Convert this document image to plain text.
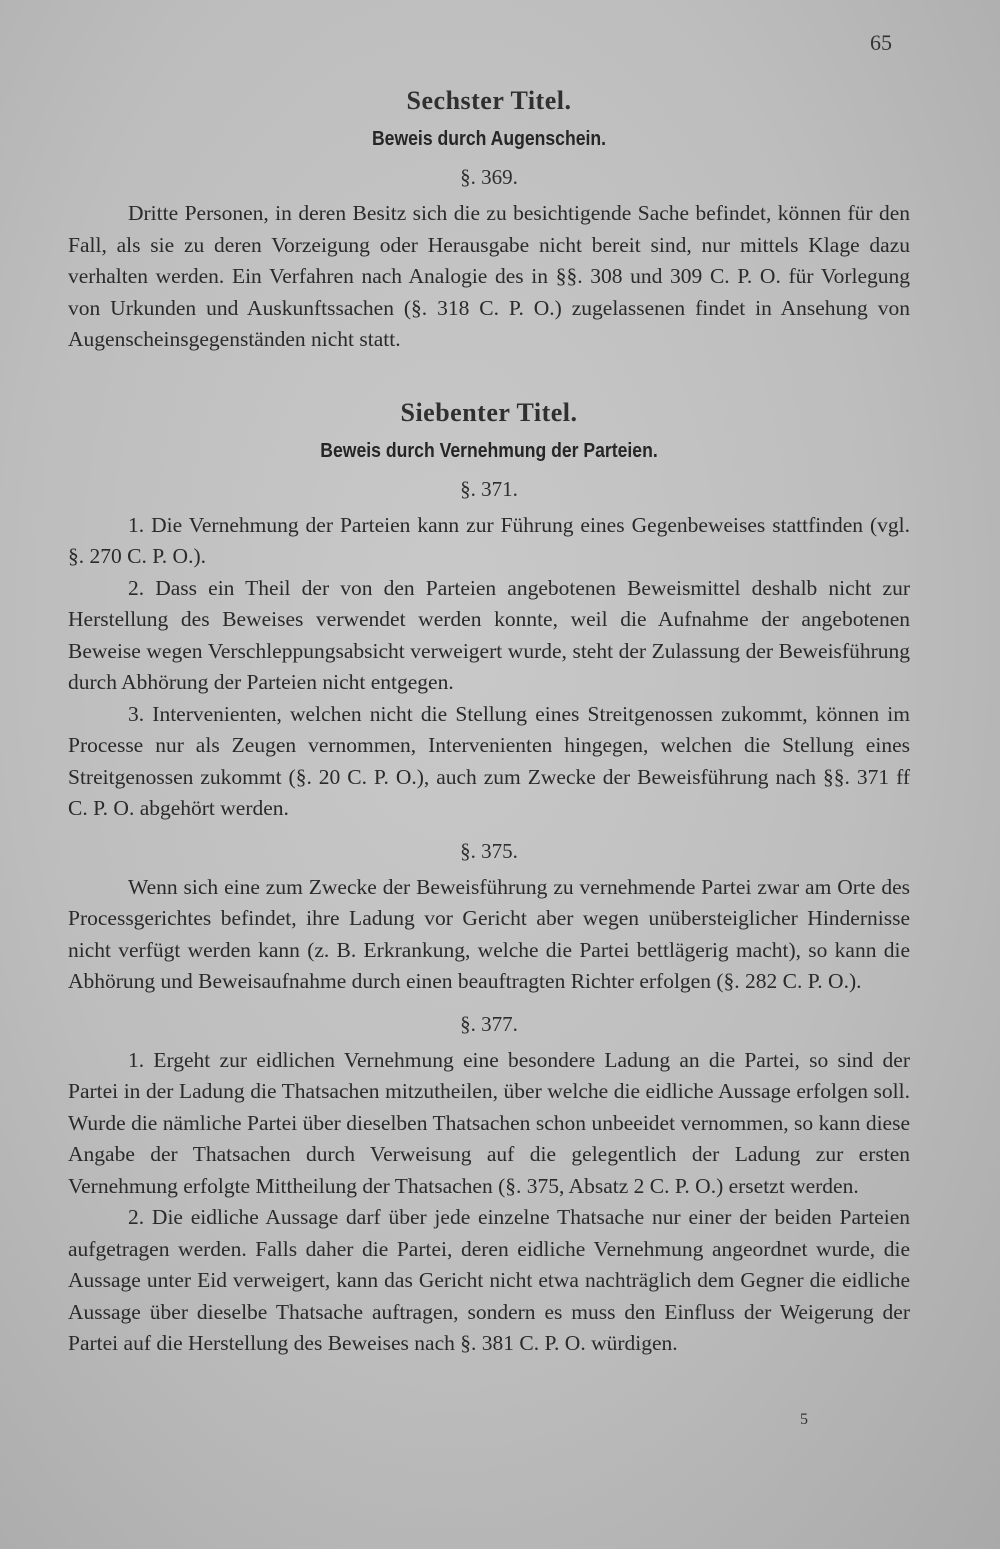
65
Sechster Titel.
Beweis durch Augenschein.
§. 369.

Dritte Personen, in deren Besitz sich die zu besichtigende Sache befindet, können für den Fall, als sie zu deren Vorzeigung oder Herausgabe nicht bereit sind, nur mittels Klage dazu verhalten werden. Ein Verfahren nach Analogie des in §§. 308 und 309 C. P. O. für Vorlegung von Urkunden und Auskunftssachen (§. 318 C. P. O.) zugelassenen findet in Ansehung von Augenscheinsgegenständen nicht statt.

Siebenter Titel.
Beweis durch Vernehmung der Parteien.
§. 371.

1. Die Vernehmung der Parteien kann zur Führung eines Gegenbeweises stattfinden (vgl. §. 270 C. P. O.).

2. Dass ein Theil der von den Parteien angebotenen Beweismittel deshalb nicht zur Herstellung des Beweises verwendet werden konnte, weil die Aufnahme der angebotenen Beweise wegen Verschleppungsabsicht verweigert wurde, steht der Zulassung der Beweisführung durch Abhörung der Parteien nicht entgegen.

3. Intervenienten, welchen nicht die Stellung eines Streitgenossen zukommt, können im Processe nur als Zeugen vernommen, Intervenienten hingegen, welchen die Stellung eines Streitgenossen zukommt (§. 20 C. P. O.), auch zum Zwecke der Beweisführung nach §§. 371 ff C. P. O. abgehört werden.

§. 375.

Wenn sich eine zum Zwecke der Beweisführung zu vernehmende Partei zwar am Orte des Processgerichtes befindet, ihre Ladung vor Gericht aber wegen unübersteiglicher Hindernisse nicht verfügt werden kann (z. B. Erkrankung, welche die Partei bettlägerig macht), so kann die Abhörung und Beweisaufnahme durch einen beauftragten Richter erfolgen (§. 282 C. P. O.).

§. 377.

1. Ergeht zur eidlichen Vernehmung eine besondere Ladung an die Partei, so sind der Partei in der Ladung die Thatsachen mitzutheilen, über welche die eidliche Aussage erfolgen soll. Wurde die nämliche Partei über dieselben Thatsachen schon unbeeidet vernommen, so kann diese Angabe der Thatsachen durch Verweisung auf die gelegentlich der Ladung zur ersten Vernehmung erfolgte Mittheilung der Thatsachen (§. 375, Absatz 2 C. P. O.) ersetzt werden.

2. Die eidliche Aussage darf über jede einzelne Thatsache nur einer der beiden Parteien aufgetragen werden. Falls daher die Partei, deren eidliche Vernehmung angeordnet wurde, die Aussage unter Eid verweigert, kann das Gericht nicht etwa nachträglich dem Gegner die eidliche Aussage über dieselbe Thatsache auftragen, sondern es muss den Einfluss der Weigerung der Partei auf die Herstellung des Beweises nach §. 381 C. P. O. würdigen.

5
